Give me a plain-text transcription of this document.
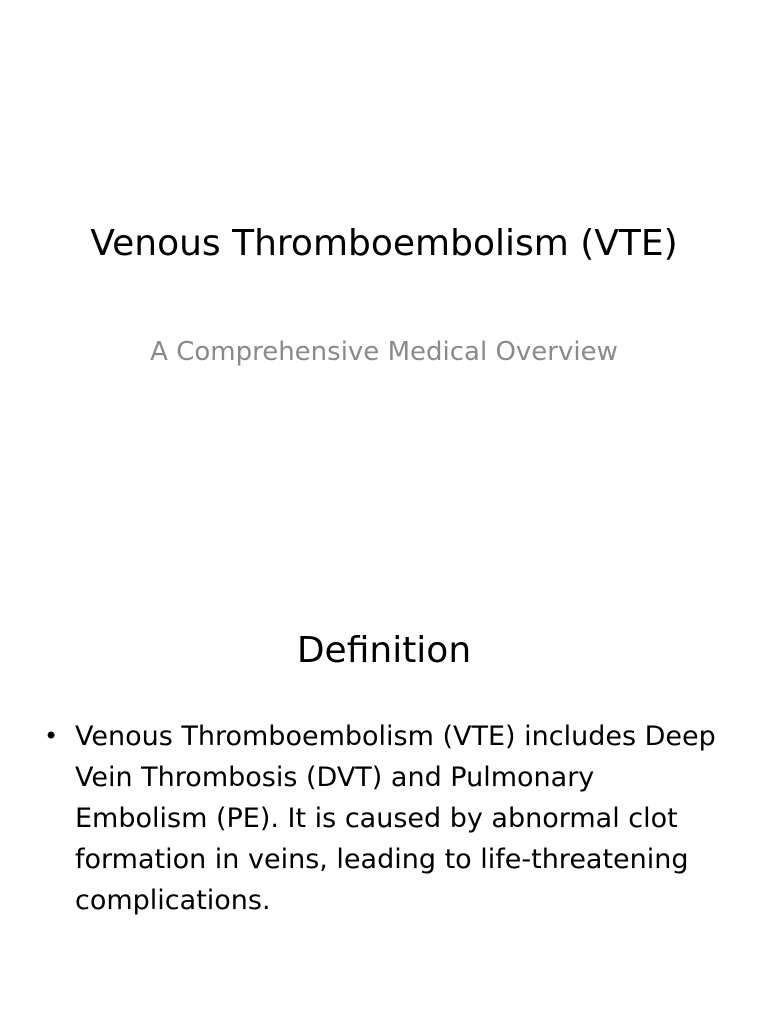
Venous Thromboembolism (VTE)
A Comprehensive Medical Overview
Definition
• Venous Thromboembolism (VTE) includes Deep Vein Thrombosis (DVT) and Pulmonary Embolism (PE). It is caused by abnormal clot formation in veins, leading to life-threatening complications.
